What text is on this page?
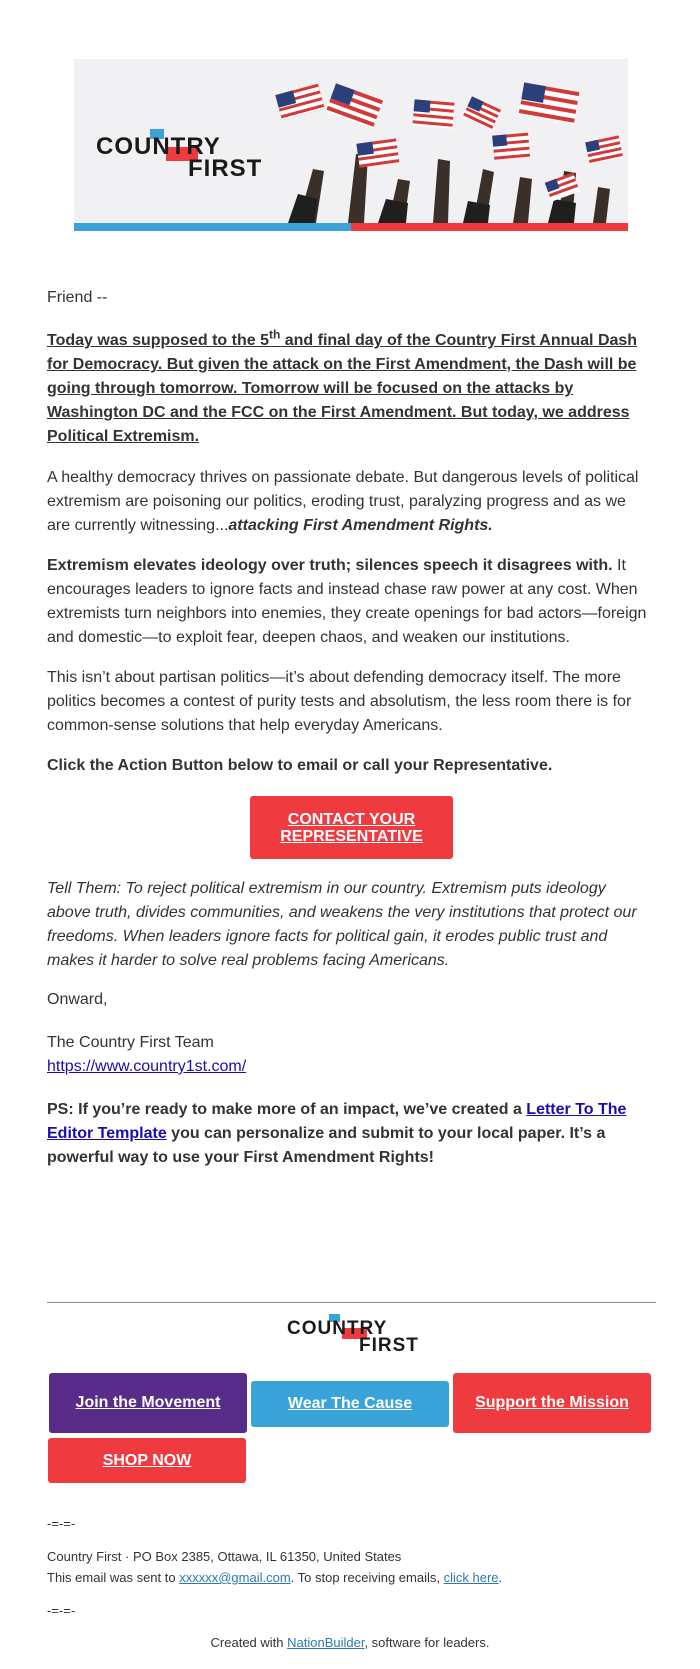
COUNTRY
FIRST

Friend --

Today was supposed to the 5th and final day of the Country First Annual Dash for Democracy. But given the attack on the First Amendment, the Dash will be going through tomorrow. Tomorrow will be focused on the attacks by Washington DC and the FCC on the First Amendment. But today, we address Political Extremism.

A healthy democracy thrives on passionate debate. But dangerous levels of political extremism are poisoning our politics, eroding trust, paralyzing progress and as we are currently witnessing...attacking First Amendment Rights.

Extremism elevates ideology over truth; silences speech it disagrees with. It encourages leaders to ignore facts and instead chase raw power at any cost. When extremists turn neighbors into enemies, they create openings for bad actors—foreign and domestic—to exploit fear, deepen chaos, and weaken our institutions.

This isn’t about partisan politics—it’s about defending democracy itself. The more politics becomes a contest of purity tests and absolutism, the less room there is for common-sense solutions that help everyday Americans.

Click the Action Button below to email or call your Representative.

Tell Them: To reject political extremism in our country. Extremism puts ideology above truth, divides communities, and weakens the very institutions that protect our freedoms. When leaders ignore facts for political gain, it erodes public trust and makes it harder to solve real problems facing Americans.

Onward,

The Country First Team

https://www.country1st.com/

PS: If you’re ready to make more of an impact, we’ve created a Letter To The Editor Template you can personalize and submit to your local paper. It’s a powerful way to use your First Amendment Rights!

CONTACT YOUR REPRESENTATIVE
COUNTRY
FIRST
Join the Movement	Wear The Cause	Support the Mission
SHOP NOW
-=-=-
Country First · PO Box 2385, Ottawa, IL 61350, United States
This email was sent to xxxxxx@gmail.com. To stop receiving emails, click here.
-=-=-
Created with NationBuilder, software for leaders.
